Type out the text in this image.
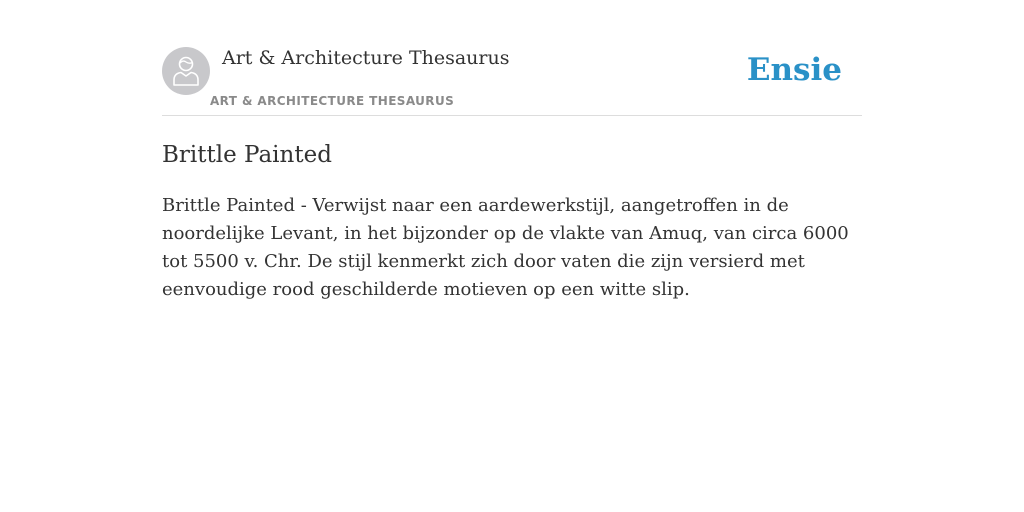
Art & Architecture Thesaurus
ART & ARCHITECTURE THESAURUS
Ensie
Brittle Painted

Brittle Painted - Verwijst naar een aardewerkstijl, aangetroffen in de noordelijke Levant, in het bijzonder op de vlakte van Amuq, van circa 6000 tot 5500 v. Chr. De stijl kenmerkt zich door vaten die zijn versierd met eenvoudige rood geschilderde motieven op een witte slip.
